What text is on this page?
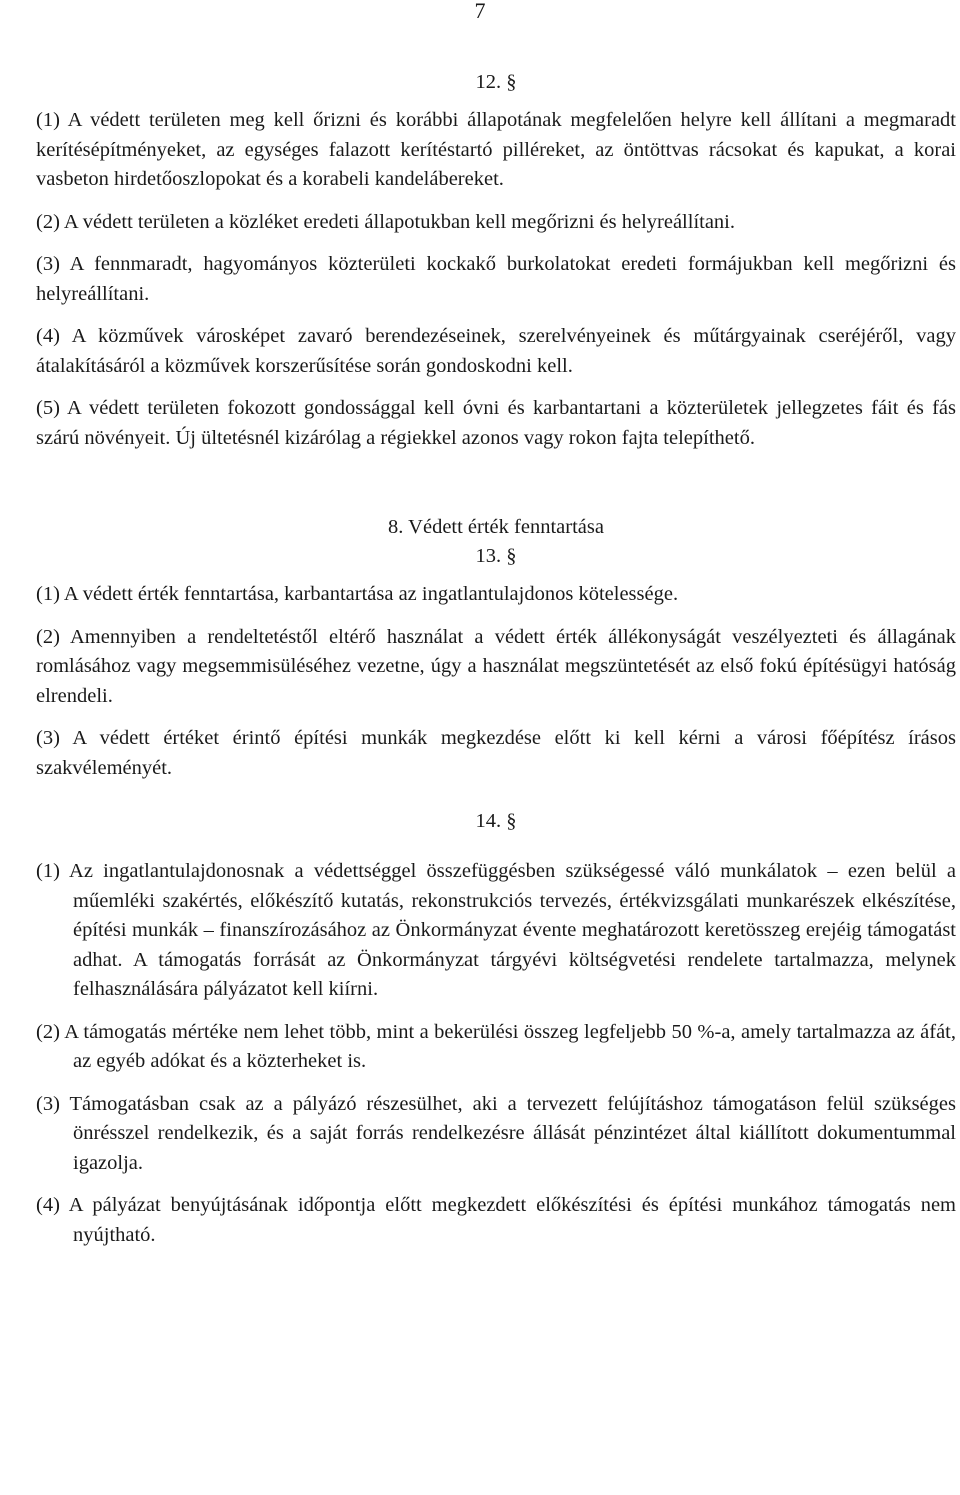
7

12. §

(1) A védett területen meg kell őrizni és korábbi állapotának megfelelően helyre kell állítani a megmaradt kerítésépítményeket, az egységes falazott kerítéstartó pilléreket, az öntöttvas rácsokat és kapukat, a korai vasbeton hirdetőoszlopokat és a korabeli kandelábereket.

(2) A védett területen a közléket eredeti állapotukban kell megőrizni és helyreállítani.

(3) A fennmaradt, hagyományos közterületi kockakő burkolatokat eredeti formájukban kell megőrizni és helyreállítani.

(4) A közművek városképet zavaró berendezéseinek, szerelvényeinek és műtárgyainak cseréjéről, vagy átalakításáról a közművek korszerűsítése során gondoskodni kell.

(5) A védett területen fokozott gondossággal kell óvni és karbantartani a közterületek jellegzetes fáit és fás szárú növényeit. Új ültetésnél kizárólag a régiekkel azonos vagy rokon fajta telepíthető.

8. Védett érték fenntartása

13. §

(1) A védett érték fenntartása, karbantartása az ingatlantulajdonos kötelessége.

(2) Amennyiben a rendeltetéstől eltérő használat a védett érték állékonyságát veszélyezteti és állagának romlásához vagy megsemmisüléséhez vezetne, úgy a használat megszüntetését az első fokú építésügyi hatóság elrendeli.

(3) A védett értéket érintő építési munkák megkezdése előtt ki kell kérni a városi főépítész írásos szakvéleményét.

14. §

(1) Az ingatlantulajdonosnak a védettséggel összefüggésben szükségessé váló munkálatok – ezen belül a műemléki szakértés, előkészítő kutatás, rekonstrukciós tervezés, értékvizsgálati munkarészek elkészítése, építési munkák – finanszírozásához az Önkormányzat évente meghatározott keretösszeg erejéig támogatást adhat. A támogatás forrását az Önkormányzat tárgyévi költségvetési rendelete tartalmazza, melynek felhasználására pályázatot kell kiírni.

(2) A támogatás mértéke nem lehet több, mint a bekerülési összeg legfeljebb 50 %-a, amely tartalmazza az áfát, az egyéb adókat és a közterheket is.

(3) Támogatásban csak az a pályázó részesülhet, aki a tervezett felújításhoz támogatáson felül szükséges önrésszel rendelkezik, és a saját forrás rendelkezésre állását pénzintézet által kiállított dokumentummal igazolja.

(4) A pályázat benyújtásának időpontja előtt megkezdett előkészítési és építési munkához támogatás nem nyújtható.
